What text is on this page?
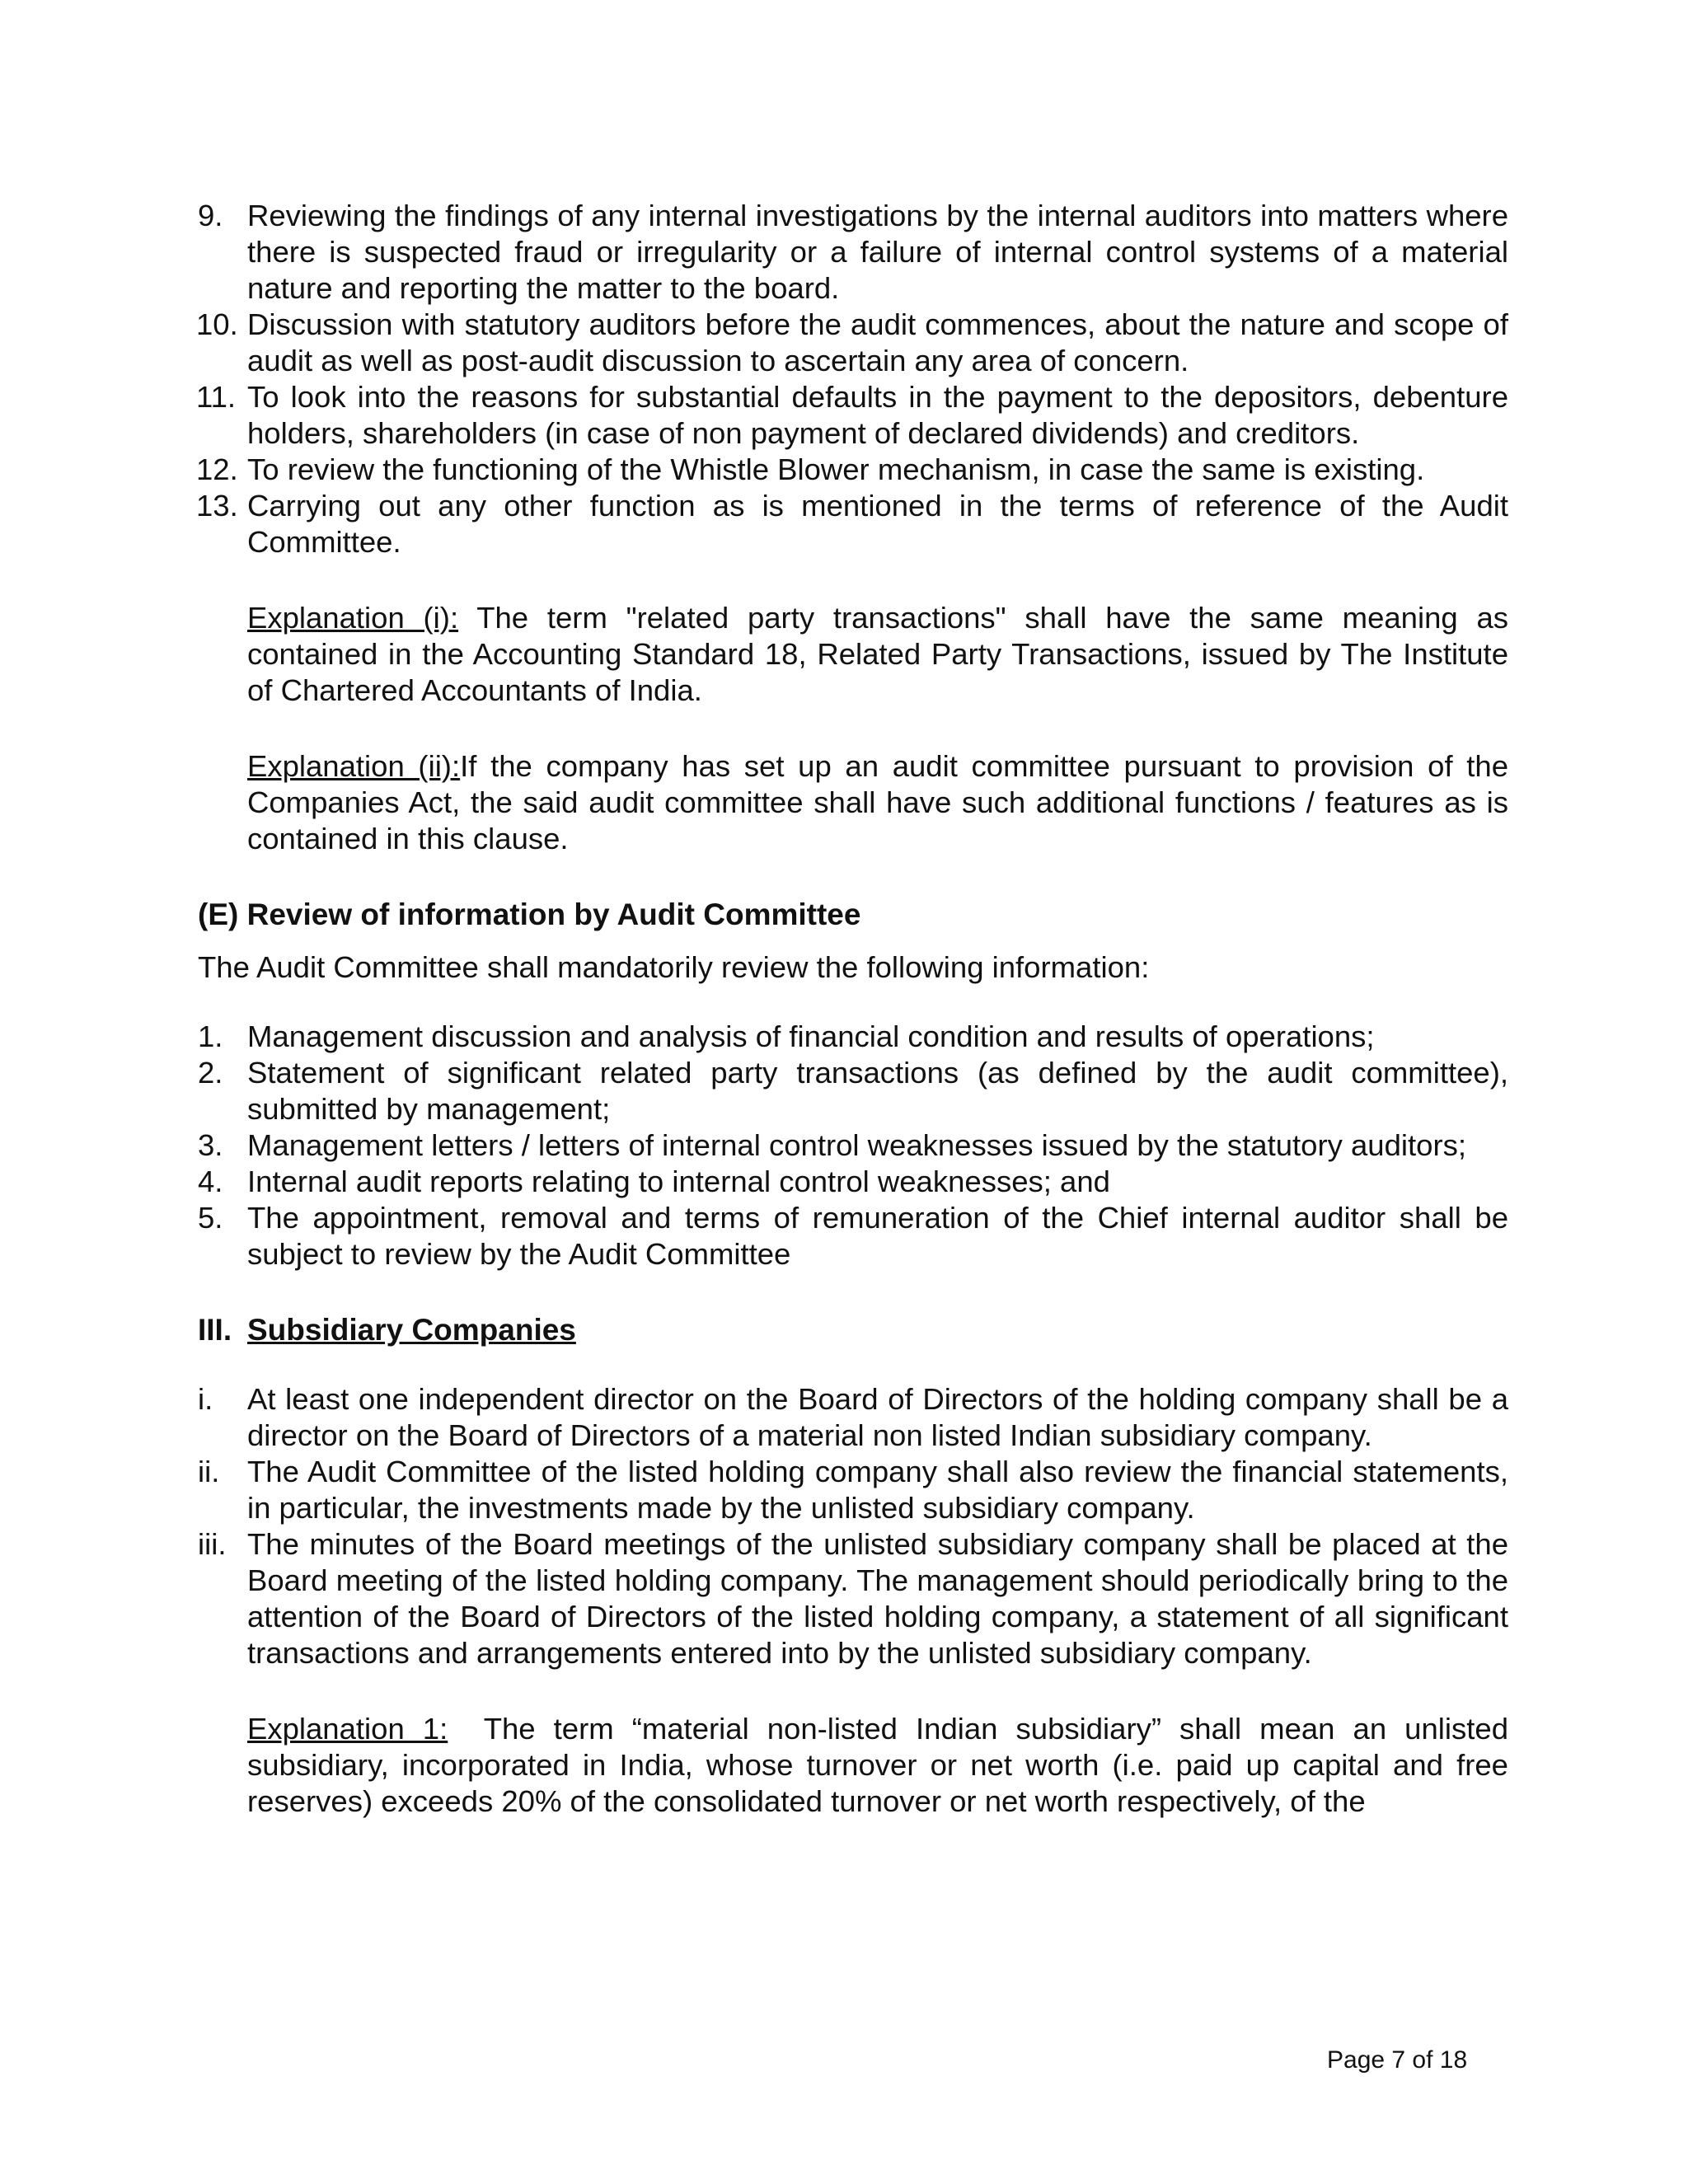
9. Reviewing the findings of any internal investigations by the internal auditors into matters where there is suspected fraud or irregularity or a failure of internal control systems of a material nature and reporting the matter to the board.
10. Discussion with statutory auditors before the audit commences, about the nature and scope of audit as well as post-audit discussion to ascertain any area of concern.
11. To look into the reasons for substantial defaults in the payment to the depositors, debenture holders, shareholders (in case of non payment of declared dividends) and creditors.
12. To review the functioning of the Whistle Blower mechanism, in case the same is existing.
13. Carrying out any other function as is mentioned in the terms of reference of the Audit Committee.

Explanation (i): The term "related party transactions" shall have the same meaning as contained in the Accounting Standard 18, Related Party Transactions, issued by The Institute of Chartered Accountants of India.

Explanation (ii):If the company has set up an audit committee pursuant to provision of the Companies Act, the said audit committee shall have such additional functions / features as is contained in this clause.

(E) Review of information by Audit Committee

The Audit Committee shall mandatorily review the following information:

1. Management discussion and analysis of financial condition and results of operations;
2. Statement of significant related party transactions (as defined by the audit committee), submitted by management;
3. Management letters / letters of internal control weaknesses issued by the statutory auditors;
4. Internal audit reports relating to internal control weaknesses; and
5. The appointment, removal and terms of remuneration of the Chief internal auditor shall be subject to review by the Audit Committee
III. Subsidiary Companies
i. At least one independent director on the Board of Directors of the holding company shall be a director on the Board of Directors of a material non listed Indian subsidiary company.
ii. The Audit Committee of the listed holding company shall also review the financial statements, in particular, the investments made by the unlisted subsidiary company.
iii. The minutes of the Board meetings of the unlisted subsidiary company shall be placed at the Board meeting of the listed holding company. The management should periodically bring to the attention of the Board of Directors of the listed holding company, a statement of all significant transactions and arrangements entered into by the unlisted subsidiary company.

Explanation 1: The term “material non-listed Indian subsidiary” shall mean an unlisted subsidiary, incorporated in India, whose turnover or net worth (i.e. paid up capital and free reserves) exceeds 20% of the consolidated turnover or net worth respectively, of the

Page 7 of 18
